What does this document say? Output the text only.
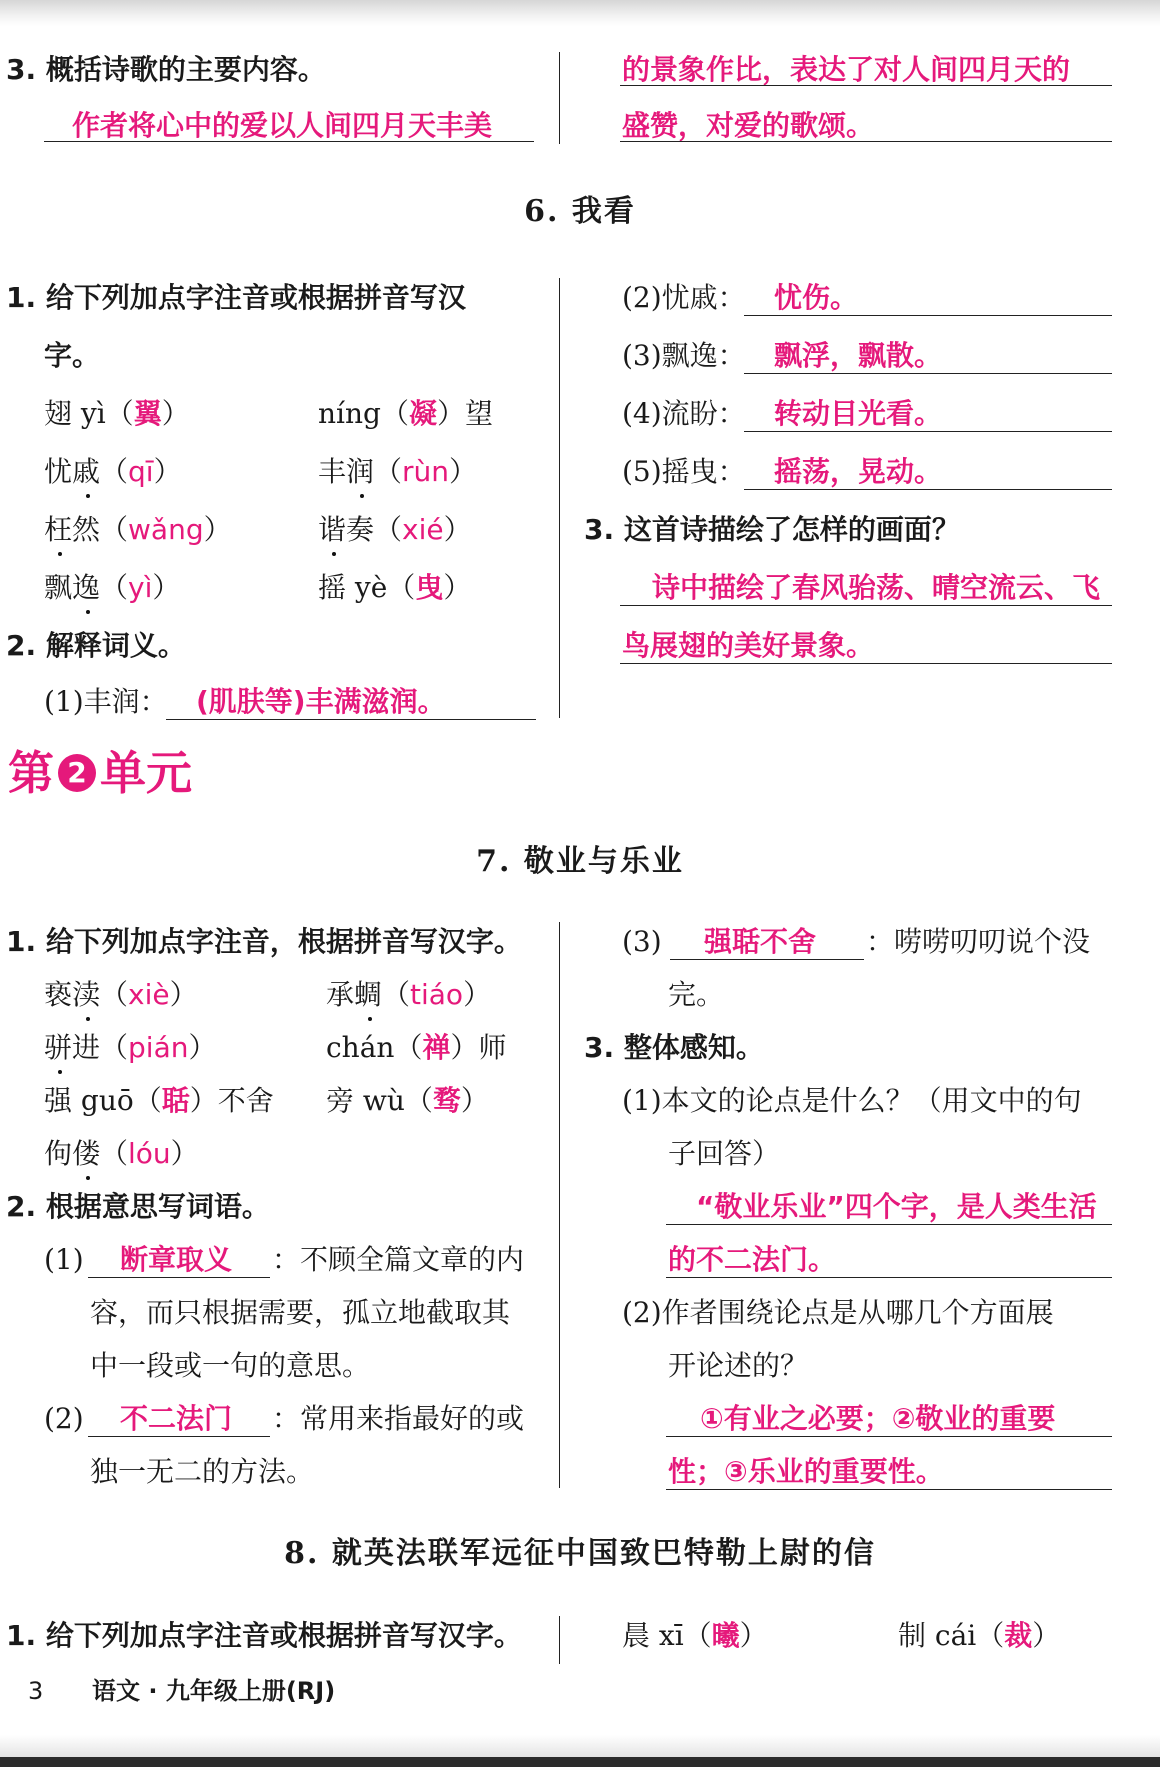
3. 概括诗歌的主要内容。
作者将心中的爱以人间四月天丰美
的景象作比，表达了对人间四月天的
盛赞，对爱的歌颂。
6. 我看
1. 给下列加点字注音或根据拼音写汉
字。
翅 yì（翼）	níng（凝）望
忧戚（qī）	丰润（rùn）
枉然（wǎng）	谐奏（xié）
飘逸（yì）	摇 yè（曳）
2. 解释词义。
(1)丰润： (肌肤等)丰满滋润。
(2)忧戚： 忧伤。
(3)飘逸： 飘浮，飘散。
(4)流盼： 转动目光看。
(5)摇曳： 摇荡，晃动。
3. 这首诗描绘了怎样的画面？
诗中描绘了春风骀荡、晴空流云、飞
鸟展翅的美好景象。
第 2 单元
7. 敬业与乐业
1. 给下列加点字注音，根据拼音写汉字。
亵渎（xiè）	承蜩（tiáo）
骈进（pián）	chán（禅）师
强 guō（聒）不舍 旁 wù（骛）
佝偻（lóu）
2. 根据意思写词语。
(1) 断章取义 ：不顾全篇文章的内
容，而只根据需要，孤立地截取其
中一段或一句的意思。
(2) 不二法门 ：常用来指最好的或
独一无二的方法。
(3) 强聒不舍 ：唠唠叨叨说个没
完。
3. 整体感知。
(1)本文的论点是什么？（用文中的句
子回答）
“敬业乐业”四个字，是人类生活
的不二法门。
(2)作者围绕论点是从哪几个方面展
开论述的？
①有业之必要；②敬业的重要
性；③乐业的重要性。
8. 就英法联军远征中国致巴特勒上尉的信
1. 给下列加点字注音或根据拼音写汉字。	晨 xī（曦）	制 cái（裁）
3 语文 · 九年级上册(RJ)
